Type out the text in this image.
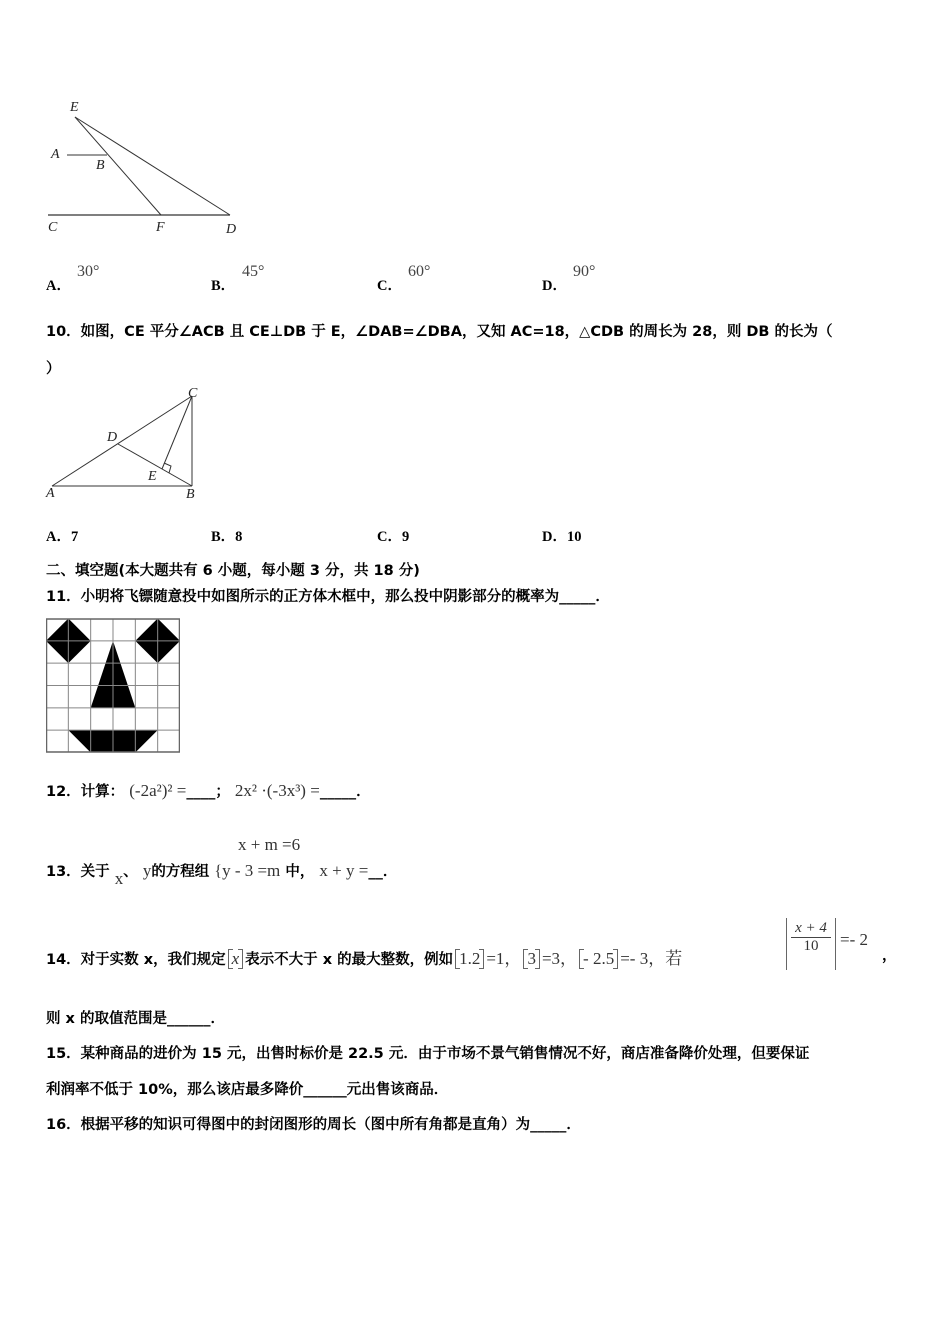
E
A
B
C	F	D
A．
30°
B．
45°
C．
60°
D．
90°
10．如图，CE 平分∠ACB 且 CE⊥DB 于 E，∠DAB=∠DBA，又知 AC=18，△CDB 的周长为 28，则 DB 的长为（
）
C
D
E
A	B
A．7	B．8	C．9	D．10
二、填空题(本大题共有 6 小题，每小题 3 分，共 18 分)
11．小明将飞镖随意投中如图所示的正方体木框中，那么投中阴影部分的概率为_____．
12．计算： (-2a²)² =____； 2x² ·(-3x³) =_____．
x + m =6
13．关于 x、 y的方程组 {y - 3 =m 中， x + y =__．
14．对于实数 x，我们规定 x 表示不大于 x 的最大整数，例如 1.2 =1， 3 =3， - 2.5 =- 3，若	$\frac{x + 4}{10} =- 2$
，
则 x 的取值范围是______．
15．某种商品的进价为 15 元，出售时标价是 22.5 元．由于市场不景气销售情况不好，商店准备降价处理，但要保证
利润率不低于 10%，那么该店最多降价______元出售该商品．
16．根据平移的知识可得图中的封闭图形的周长（图中所有角都是直角）为_____．
